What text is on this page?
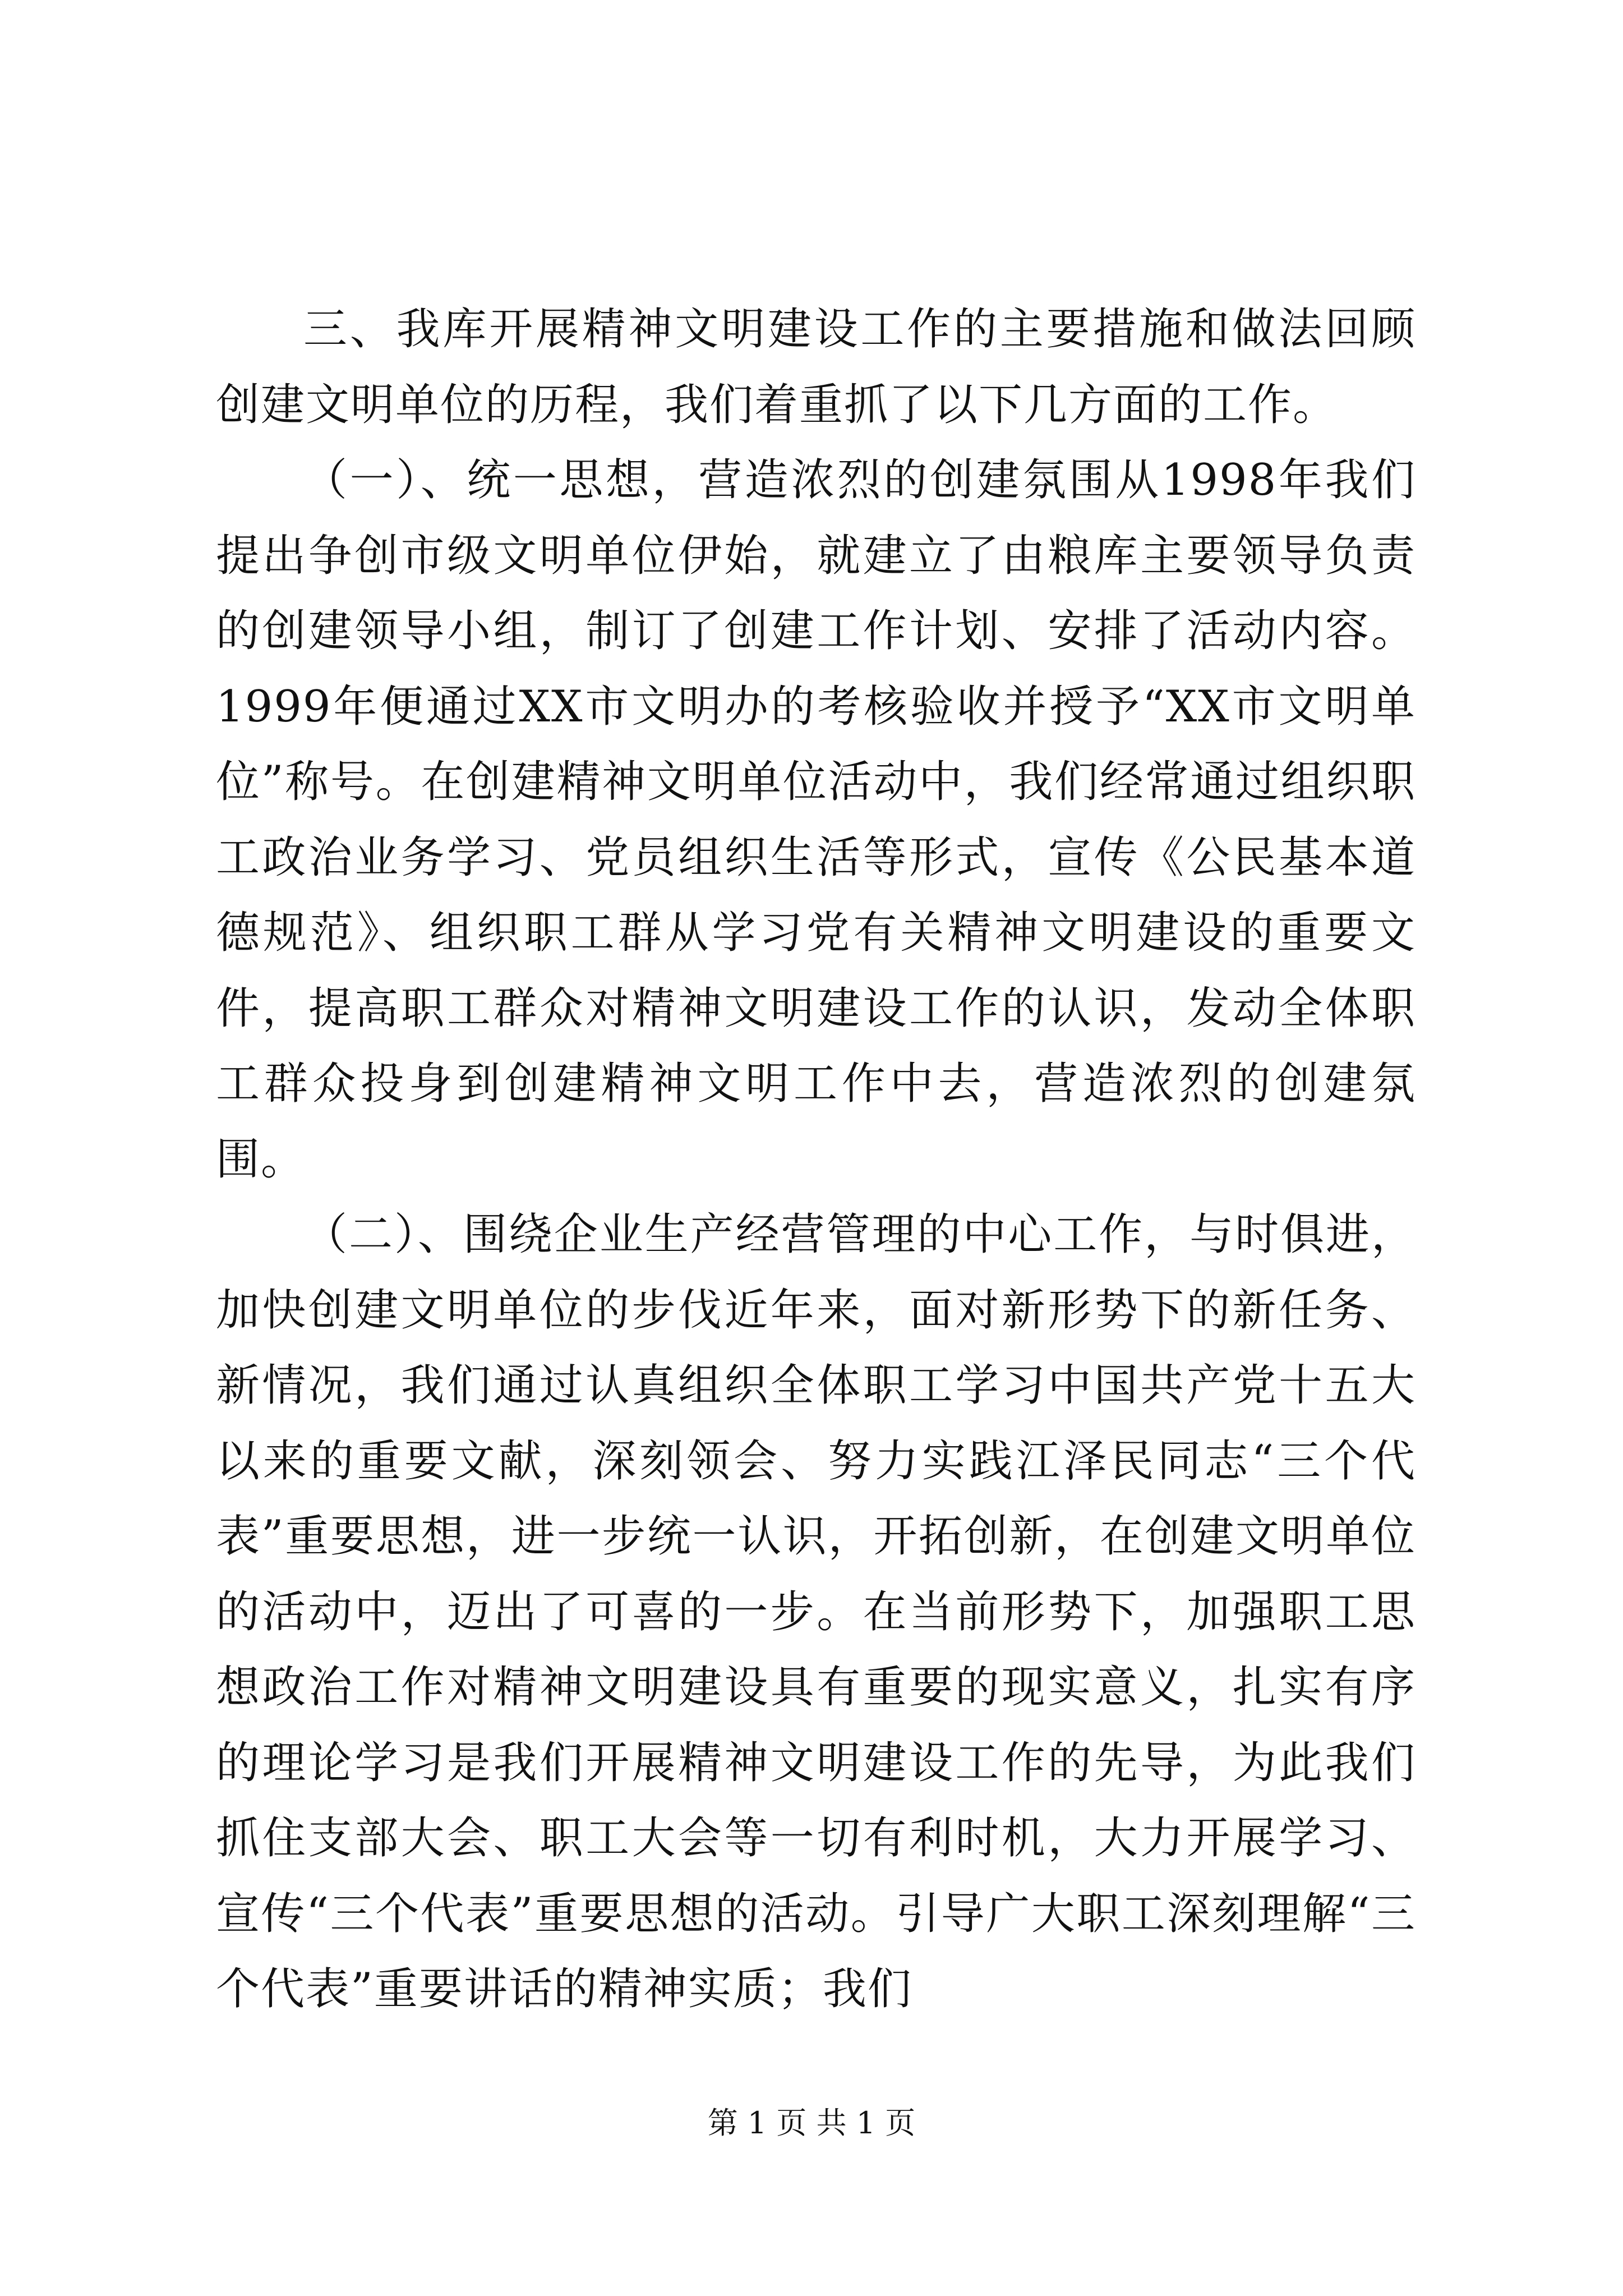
三、我库开展精神文明建设工作的主要措施和做法回顾创建文明单位的历程，我们着重抓了以下几方面的工作。

（一）、统一思想，营造浓烈的创建氛围从1998年我们提出争创市级文明单位伊始，就建立了由粮库主要领导负责的创建领导小组，制订了创建工作计划、安排了活动内容。1999年便通过XX市文明办的考核验收并授予“XX市文明单位”称号。在创建精神文明单位活动中，我们经常通过组织职工政治业务学习、党员组织生活等形式，宣传《公民基本道德规范》、组织职工群从学习党有关精神文明建设的重要文件，提高职工群众对精神文明建设工作的认识，发动全体职工群众投身到创建精神文明工作中去，营造浓烈的创建氛围。

（二）、围绕企业生产经营管理的中心工作，与时俱进，加快创建文明单位的步伐近年来，面对新形势下的新任务、新情况，我们通过认真组织全体职工学习中国共产党十五大以来的重要文献，深刻领会、努力实践江泽民同志“三个代表”重要思想，进一步统一认识，开拓创新，在创建文明单位的活动中，迈出了可喜的一步。在当前形势下，加强职工思想政治工作对精神文明建设具有重要的现实意义，扎实有序的理论学习是我们开展精神文明建设工作的先导，为此我们抓住支部大会、职工大会等一切有利时机，大力开展学习、宣传“三个代表”重要思想的活动。引导广大职工深刻理解“三个代表”重要讲话的精神实质；我们

第 1 页 共 1 页
